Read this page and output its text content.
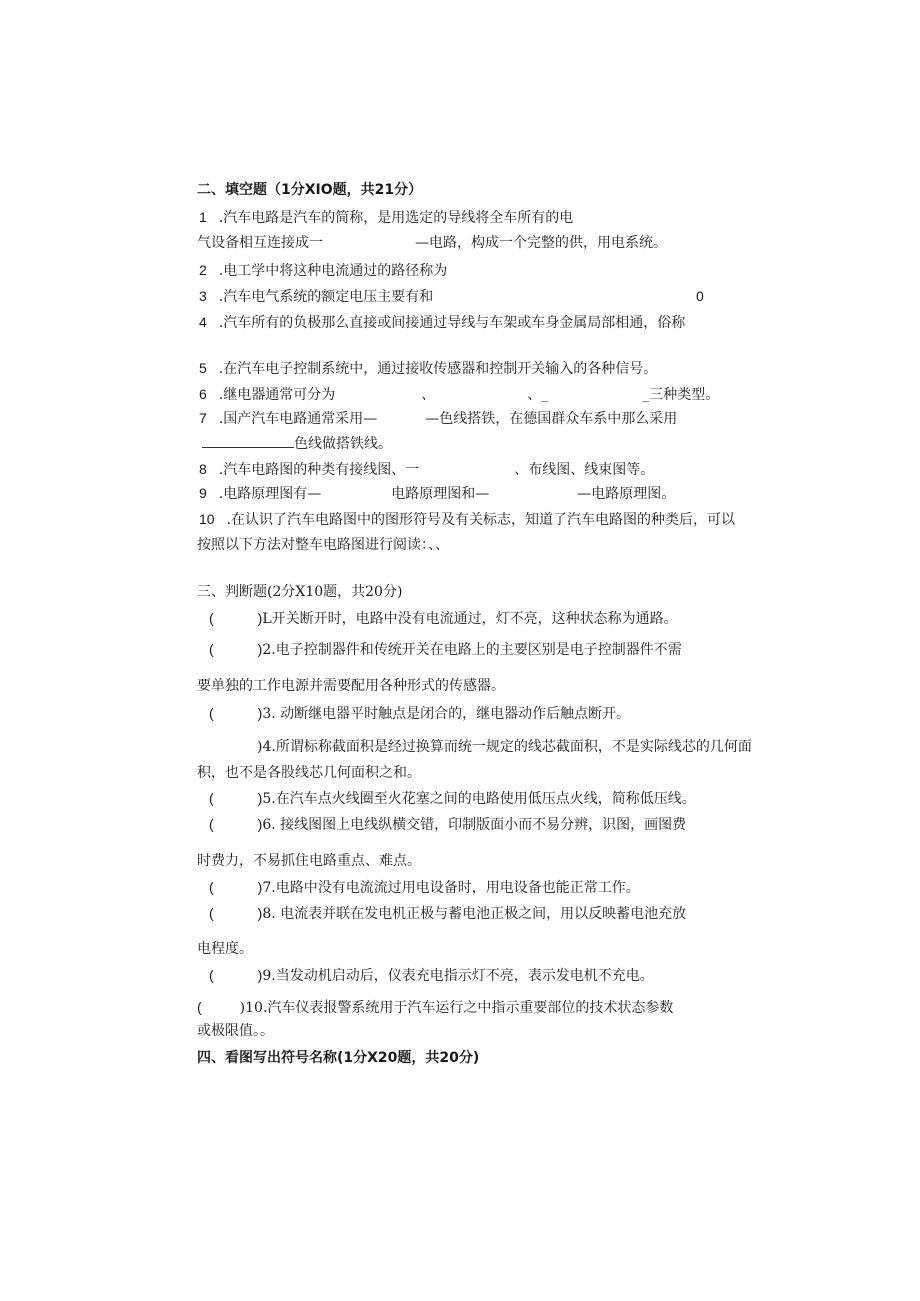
二、填空题（1分XIO题，共21分）
1 .汽车电路是汽车的简称，是用选定的导线将全车所有的电
气设备相互连接成一	—电路，构成一个完整的供，用电系统。
2 .电工学中将这种电流通过的路径称为
3 .汽车电气系统的额定电压主要有和	0
4 .汽车所有的负极那么直接或间接通过导线与车架或车身金属局部相通，俗称
5 .在汽车电子控制系统中，通过接收传感器和控制开关输入的各种信号。
6 .继电器通常可分为	、	、_	_三种类型。
7 .国产汽车电路通常采用—	—色线搭铁，在德国群众车系中那么采用
色线做搭铁线。
8 .汽车电路图的种类有接线图、一	、布线图、线束图等。
9 .电路原理图有—	电路原理图和—	—电路原理图。
10 .在认识了汽车电路图中的图形符号及有关标志，知道了汽车电路图的种类后，可以
按照以下方法对整车电路图进行阅读：、、
三、判断题(2分X10题，共20分)
(	)L开关断开时，电路中没有电流通过，灯不亮，这种状态称为通路。
(	)2.电子控制器件和传统开关在电路上的主要区别是电子控制器件不需
要单独的工作电源并需要配用各种形式的传感器。
(	)3. 动断继电器平时触点是闭合的，继电器动作后触点断开。
)4.所谓标称截面积是经过换算而统一规定的线芯截面积，不是实际线芯的几何面
积，也不是各股线芯几何面积之和。
(	)5.在汽车点火线圈至火花塞之间的电路使用低压点火线，简称低压线。
(	)6. 接线图图上电线纵横交错，印制版面小而不易分辨，识图，画图费
时费力，不易抓住电路重点、难点。
(	)7.电路中没有电流流过用电设备时，用电设备也能正常工作。
(	)8. 电流表并联在发电机正极与蓄电池正极之间，用以反映蓄电池充放
电程度。
(	)9.当发动机启动后，仪表充电指示灯不亮，表示发电机不充电。
(	)10.汽车仪表报警系统用于汽车运行之中指示重要部位的技术状态参数
或极限值。。
四、看图写出符号名称(1分X20题，共20分)
